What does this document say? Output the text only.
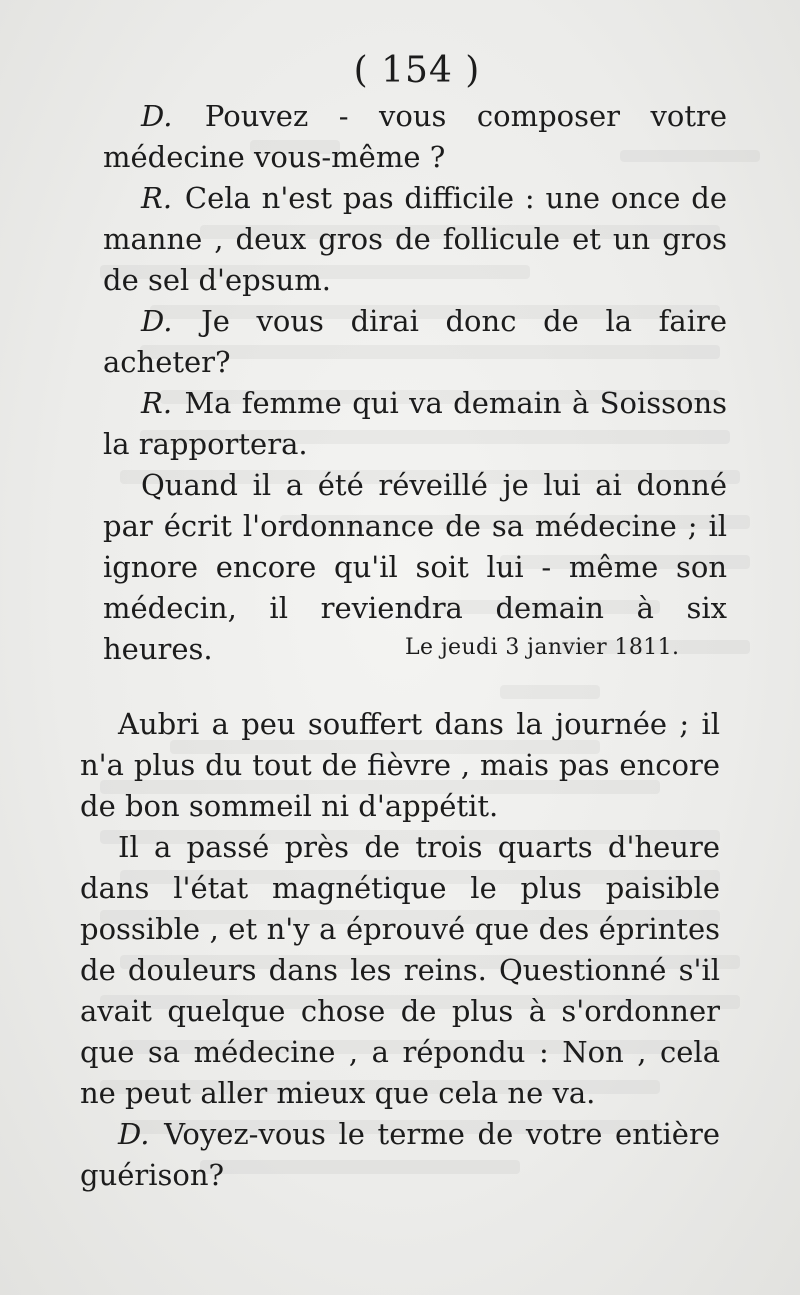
( 154 )

D. Pouvez - vous composer votre médecine vous-même ?

R. Cela n'est pas difficile : une once de manne , deux gros de follicule et un gros de sel d'epsum.

D. Je vous dirai donc de la faire acheter?

R. Ma femme qui va demain à Soissons la rapportera.

Quand il a été réveillé je lui ai donné par écrit l'ordonnance de sa médecine ; il ignore encore qu'il soit lui - même son médecin, il reviendra demain à six heures.	Le jeudi 3 janvier 1811.

Aubri a peu souffert dans la journée ; il n'a plus du tout de fièvre , mais pas encore de bon sommeil ni d'appétit.

Il a passé près de trois quarts d'heure dans l'état magnétique le plus paisible possible , et n'y a éprouvé que des éprintes de douleurs dans les reins. Questionné s'il avait quelque chose de plus à s'ordonner que sa médecine , a répondu : Non , cela ne peut aller mieux que cela ne va.

D. Voyez-vous le terme de votre entière guérison?
